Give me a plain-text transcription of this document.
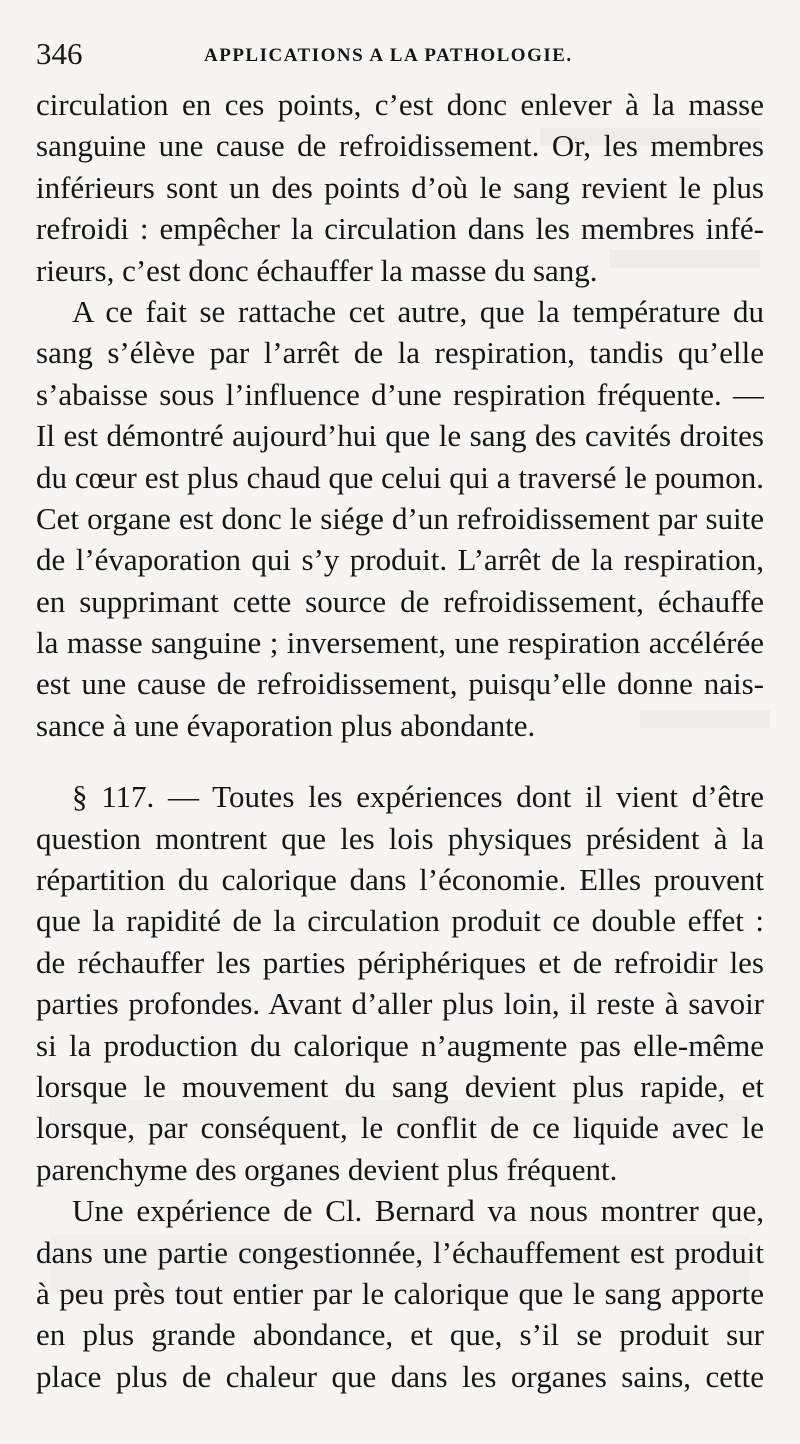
346	APPLICATIONS A LA PATHOLOGIE.
circulation en ces points, c’est donc enlever à la masse
sanguine une cause de refroidissement. Or, les membres
inférieurs sont un des points d’où le sang revient le plus
refroidi : empêcher la circulation dans les membres infé-
rieurs, c’est donc échauffer la masse du sang.
A ce fait se rattache cet autre, que la température du
sang s’élève par l’arrêt de la respiration, tandis qu’elle
s’abaisse sous l’influence d’une respiration fréquente. —
Il est démontré aujourd’hui que le sang des cavités droites
du cœur est plus chaud que celui qui a traversé le poumon.
Cet organe est donc le siége d’un refroidissement par suite
de l’évaporation qui s’y produit. L’arrêt de la respiration,
en supprimant cette source de refroidissement, échauffe
la masse sanguine ; inversement, une respiration accélérée
est une cause de refroidissement, puisqu’elle donne nais-
sance à une évaporation plus abondante.
§ 117. — Toutes les expériences dont il vient d’être
question montrent que les lois physiques président à la
répartition du calorique dans l’économie. Elles prouvent
que la rapidité de la circulation produit ce double effet :
de réchauffer les parties périphériques et de refroidir les
parties profondes. Avant d’aller plus loin, il reste à savoir
si la production du calorique n’augmente pas elle-même
lorsque le mouvement du sang devient plus rapide, et
lorsque, par conséquent, le conflit de ce liquide avec le
parenchyme des organes devient plus fréquent.
Une expérience de Cl. Bernard va nous montrer que,
dans une partie congestionnée, l’échauffement est produit
à peu près tout entier par le calorique que le sang apporte
en plus grande abondance, et que, s’il se produit sur
place plus de chaleur que dans les organes sains, cette
